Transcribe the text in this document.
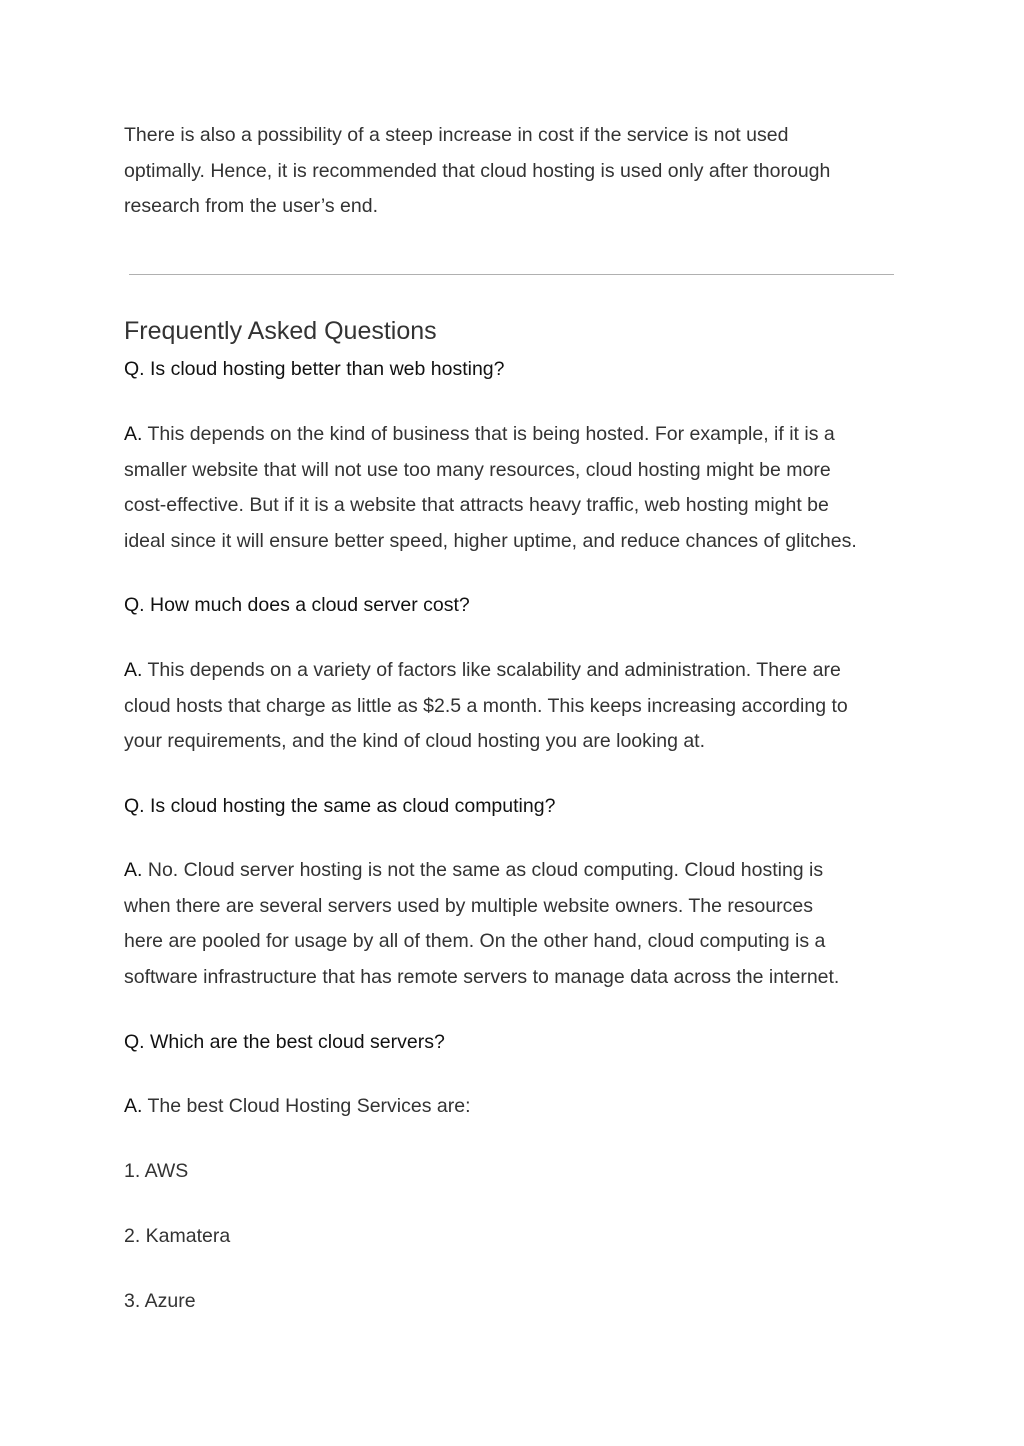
There is also a possibility of a steep increase in cost if the service is not used
optimally. Hence, it is recommended that cloud hosting is used only after thorough
research from the user’s end.

Frequently Asked Questions

Q. Is cloud hosting better than web hosting?

A. This depends on the kind of business that is being hosted. For example, if it is a
smaller website that will not use too many resources, cloud hosting might be more
cost-effective. But if it is a website that attracts heavy traffic, web hosting might be
ideal since it will ensure better speed, higher uptime, and reduce chances of glitches.

Q. How much does a cloud server cost?

A. This depends on a variety of factors like scalability and administration. There are
cloud hosts that charge as little as $2.5 a month. This keeps increasing according to
your requirements, and the kind of cloud hosting you are looking at.

Q. Is cloud hosting the same as cloud computing?

A. No. Cloud server hosting is not the same as cloud computing. Cloud hosting is
when there are several servers used by multiple website owners. The resources
here are pooled for usage by all of them. On the other hand, cloud computing is a
software infrastructure that has remote servers to manage data across the internet.

Q. Which are the best cloud servers?

A. The best Cloud Hosting Services are:

1. AWS

2. Kamatera

3. Azure
